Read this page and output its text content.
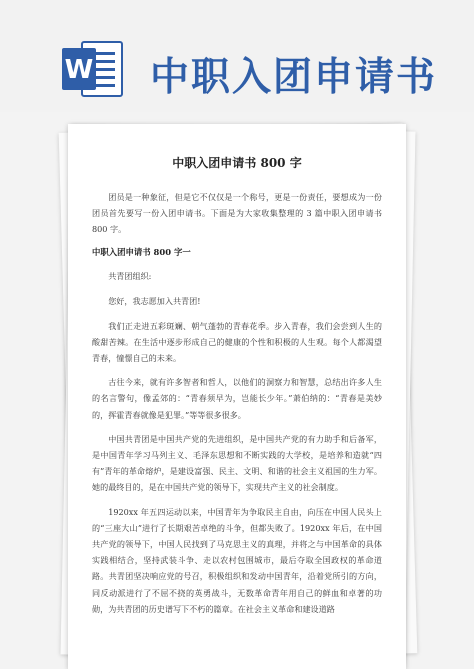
W 中职入团申请书
中职入团申请书 800 字

团员是一种象征，但是它不仅仅是一个称号，更是一份责任，要想成为一份团员首先要写一份入团申请书。下面是为大家收集整理的 3 篇中职入团申请书 800 字。

中职入团申请书 800 字一

共青团组织:

您好，我志愿加入共青团!

我们正走进五彩斑斓、朝气蓬勃的青春花季。步入青春，我们会尝到人生的酸甜苦辣。在生活中逐步形成自己的健康的个性和积极的人生观。每个人都渴望青春，憧憬自己的未来。

古往今来，就有许多智者和哲人，以他们的洞察力和智慧，总结出许多人生的名言警句，像孟郊的：“青春须早为，岂能长少年。”萧伯纳的：“青春是美妙的，挥霍青春就像是犯罪。”等等很多很多。

中国共青团是中国共产党的先进组织，是中国共产党的有力助手和后备军，是中国青年学习马列主义、毛泽东思想和不断实践的大学校，是培养和造就“四有”青年的革命熔炉，是建设富强、民主、文明、和谐的社会主义祖国的生力军。她的最终目的，是在中国共产党的领导下，实现共产主义的社会制度。

1920xx 年五四运动以来，中国青年为争取民主自由，向压在中国人民头上的“三座大山”进行了长期艰苦卓绝的斗争，但都失败了。1920xx 年后，在中国共产党的领导下，中国人民找到了马克思主义的真理，并将之与中国革命的具体实践相结合，坚持武装斗争、走以农村包围城市，最后夺取全国政权的革命道路。共青团坚决响应党的号召，积极组织和发动中国青年，沿着党所引的方向，同反动派进行了不屈不挠的英勇战斗，无数革命青年用自己的鲜血和卓著的功勋，为共青团的历史谱写下不朽的篇章。在社会主义革命和建设道路
